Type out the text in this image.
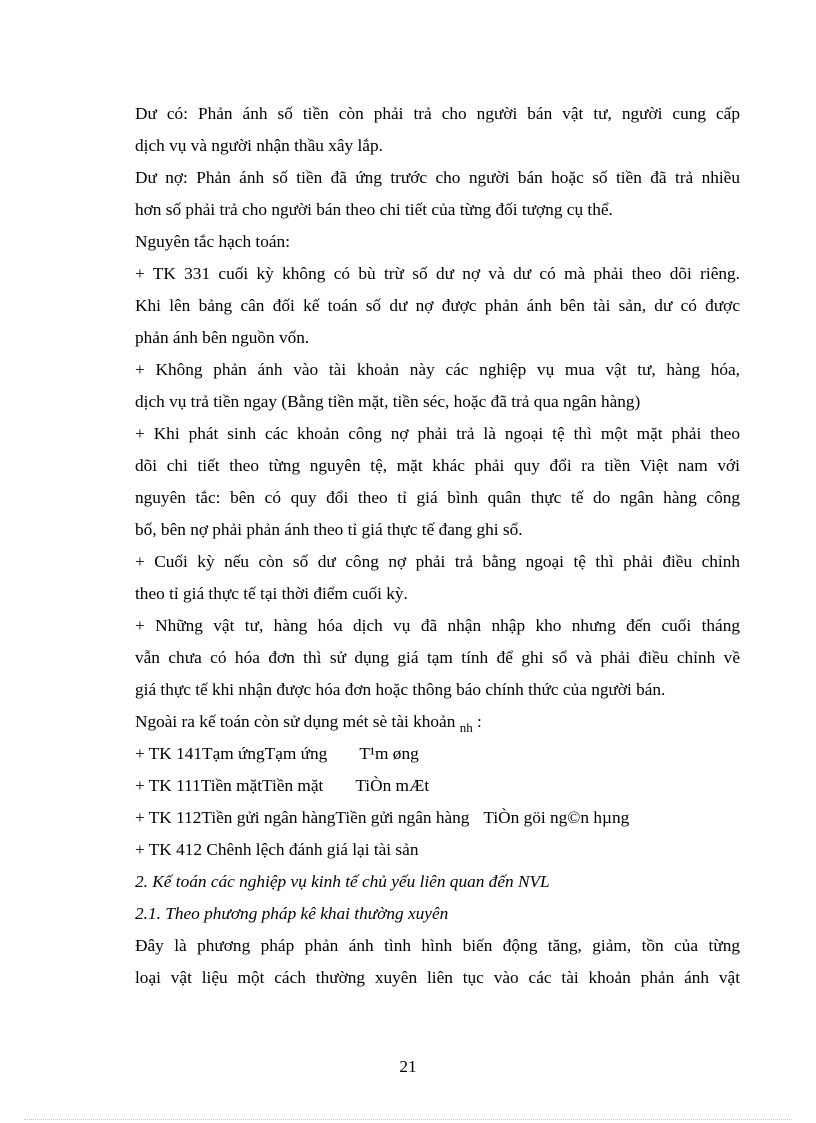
Dư có: Phản ánh số tiền còn phải trả cho người bán vật tư, người cung cấp
dịch vụ và người nhận thầu xây lắp.
Dư nợ: Phản ánh số tiền đã ứng trước cho người bán hoặc số tiền đã trả nhiều
hơn số phải trả cho người bán theo chi tiết của từng đối tượng cụ thể.
Nguyên tắc hạch toán:
+ TK 331 cuối kỳ không có bù trừ số dư nợ và dư có mà phải theo dõi riêng.
Khi lên bảng cân đối kế toán số dư nợ được phản ánh bên tài sản, dư có được
phản ánh bên nguồn vốn.
+ Không phản ánh vào tài khoản này các nghiệp vụ mua vật tư, hàng hóa,
dịch vụ trả tiền ngay (Bằng tiền mặt, tiền séc, hoặc đã trả qua ngân hàng)
+ Khi phát sinh các khoản công nợ phải trả là ngoại tệ thì một mặt phải theo
dõi chi tiết theo từng nguyên tệ, mặt khác phải quy đổi ra tiền Việt nam với
nguyên tắc: bên có quy đổi theo tỉ giá bình quân thực tế do ngân hàng công
bố, bên nợ phải phản ánh theo tỉ giá thực tế đang ghi sổ.
+ Cuối kỳ nếu còn số dư công nợ phải trả bằng ngoại tệ thì phải điều chỉnh
theo tỉ giá thực tế tại thời điểm cuối kỳ.
+ Những vật tư, hàng hóa dịch vụ đã nhận nhập kho nhưng đến cuối tháng
vẫn chưa có hóa đơn thì sử dụng giá tạm tính để ghi sổ và phải điều chỉnh về
giá thực tế khi nhận được hóa đơn hoặc thông báo chính thức của người bán.
Ngoài ra kế toán còn sử dụng mét sè tài khoản $_{nh}$ :
+ TK 141Tạm ứngTạm ứng T¹m øng
+ TK 111Tiền mặtTiền mặt TiÒn mÆt
+ TK 112Tiền gửi ngân hàngTiền gửi ngân hàng TiÒn göi ng©n hµng
+ TK 412 Chênh lệch đánh giá lại tài sản
2. Kế toán các nghiệp vụ kinh tế chủ yếu liên quan đến NVL
2.1. Theo phương pháp kê khai thường xuyên
Đây là phương pháp phản ánh tình hình biến động tăng, giảm, tồn của từng
loại vật liệu một cách thường xuyên liên tục vào các tài khoản phản ánh vật
21
